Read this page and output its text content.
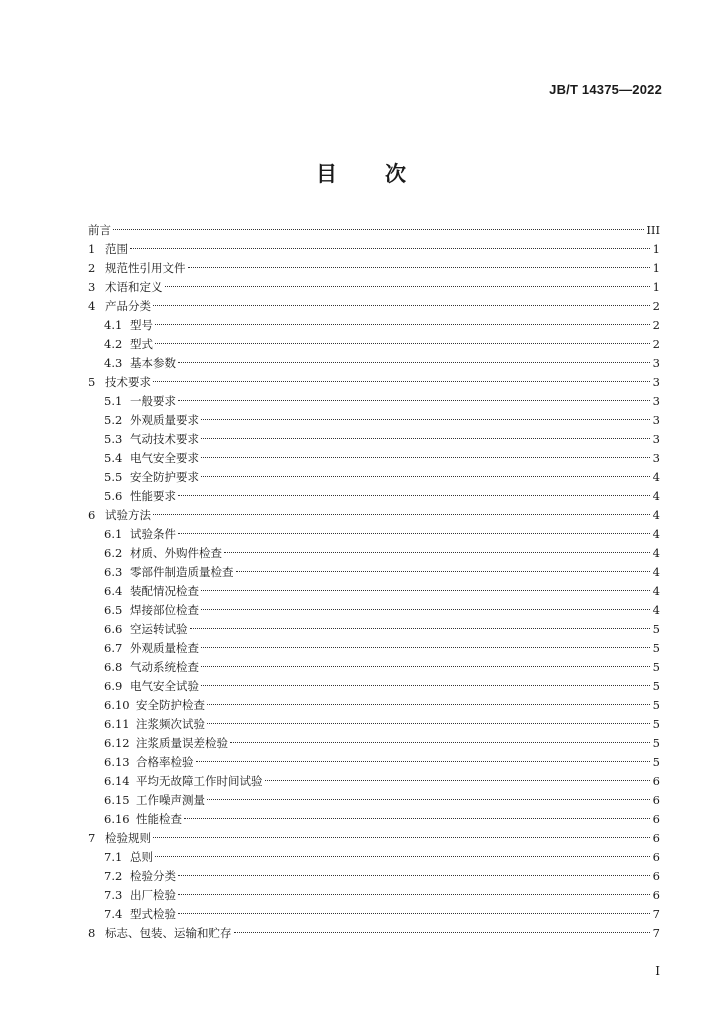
JB/T 14375—2022
目 次
前言	III
1 范围	1
2 规范性引用文件	1
3 术语和定义	1
4 产品分类	2
4.1 型号	2
4.2 型式	2
4.3 基本参数	3
5 技术要求	3
5.1 一般要求	3
5.2 外观质量要求	3
5.3 气动技术要求	3
5.4 电气安全要求	3
5.5 安全防护要求	4
5.6 性能要求	4
6 试验方法	4
6.1 试验条件	4
6.2 材质、外购件检查	4
6.3 零部件制造质量检查	4
6.4 装配情况检查	4
6.5 焊接部位检查	4
6.6 空运转试验	5
6.7 外观质量检查	5
6.8 气动系统检查	5
6.9 电气安全试验	5
6.10 安全防护检查	5
6.11 注浆频次试验	5
6.12 注浆质量误差检验	5
6.13 合格率检验	5
6.14 平均无故障工作时间试验	6
6.15 工作噪声测量	6
6.16 性能检查	6
7 检验规则	6
7.1 总则	6
7.2 检验分类	6
7.3 出厂检验	6
7.4 型式检验	7
8 标志、包装、运输和贮存	7
I
